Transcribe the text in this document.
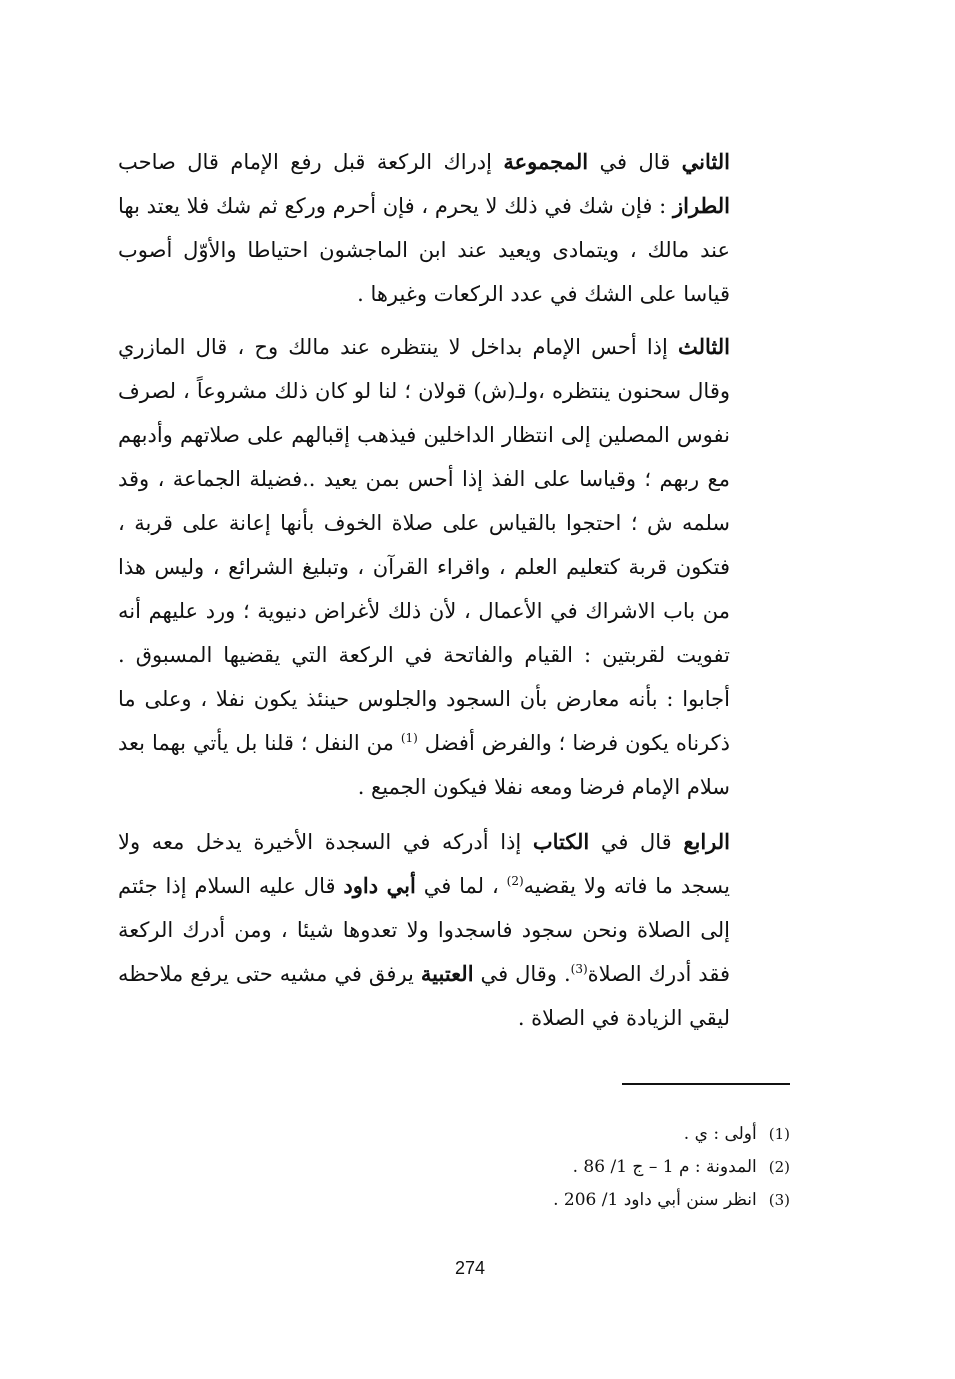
الثاني قال في المجموعة إدراك الركعة قبل رفع الإمام قال صاحب الطراز : فإن شك في ذلك لا يحرم ، فإن أحرم وركع ثم شك فلا يعتد بها عند مالك ، ويتمادى ويعيد عند ابن الماجشون احتياطا والأوّل أصوب قياسا على الشك في عدد الركعات وغيرها .

الثالث إذا أحس الإمام بداخل لا ينتظره عند مالك وح ، قال المازري وقال سحنون ينتظره ،ولـ(ش) قولان ؛ لنا لو كان ذلك مشروعاً ، لصرف نفوس المصلين إلى انتظار الداخلين فيذهب إقبالهم على صلاتهم وأدبهم مع ربهم ؛ وقياسا على الفذ إذا أحس بمن يعيد ..فضيلة الجماعة ، وقد سلمه ش ؛ احتجوا بالقياس على صلاة الخوف بأنها إعانة على قربة ، فتكون قربة كتعليم العلم ، واقراء القرآن ، وتبليغ الشرائع ، وليس هذا من باب الاشراك في الأعمال ، لأن ذلك لأغراض دنيوية ؛ ورد عليهم أنه تفويت لقربتين : القيام والفاتحة في الركعة التي يقضيها المسبوق . أجابوا : بأنه معارض بأن السجود والجلوس حينئذ يكون نفلا ، وعلى ما ذكرناه يكون فرضا ؛ والفرض أفضل $^{(1)}$ من النفل ؛ قلنا بل يأتي بهما بعد سلام الإمام فرضا ومعه نفلا فيكون الجميع .

الرابع قال في الكتاب إذا أدركه في السجدة الأخيرة يدخل معه ولا يسجد ما فاته ولا يقضيه$^{(2)}$ ، لما في أبي داود قال عليه السلام إذا جئتم إلى الصلاة ونحن سجود فاسجدوا ولا تعدوها شيئا ، ومن أدرك الركعة فقد أدرك الصلاة$^{(3)}$. وقال في العتبية يرفق في مشيه حتى يرفع ملاحظه ليقي الزيادة في الصلاة .

(1)أولى : ي .
(2)المدونة : م 1 – ج 1/ 86 .
(3)انظر سنن أبي داود 1/ 206 .
274
